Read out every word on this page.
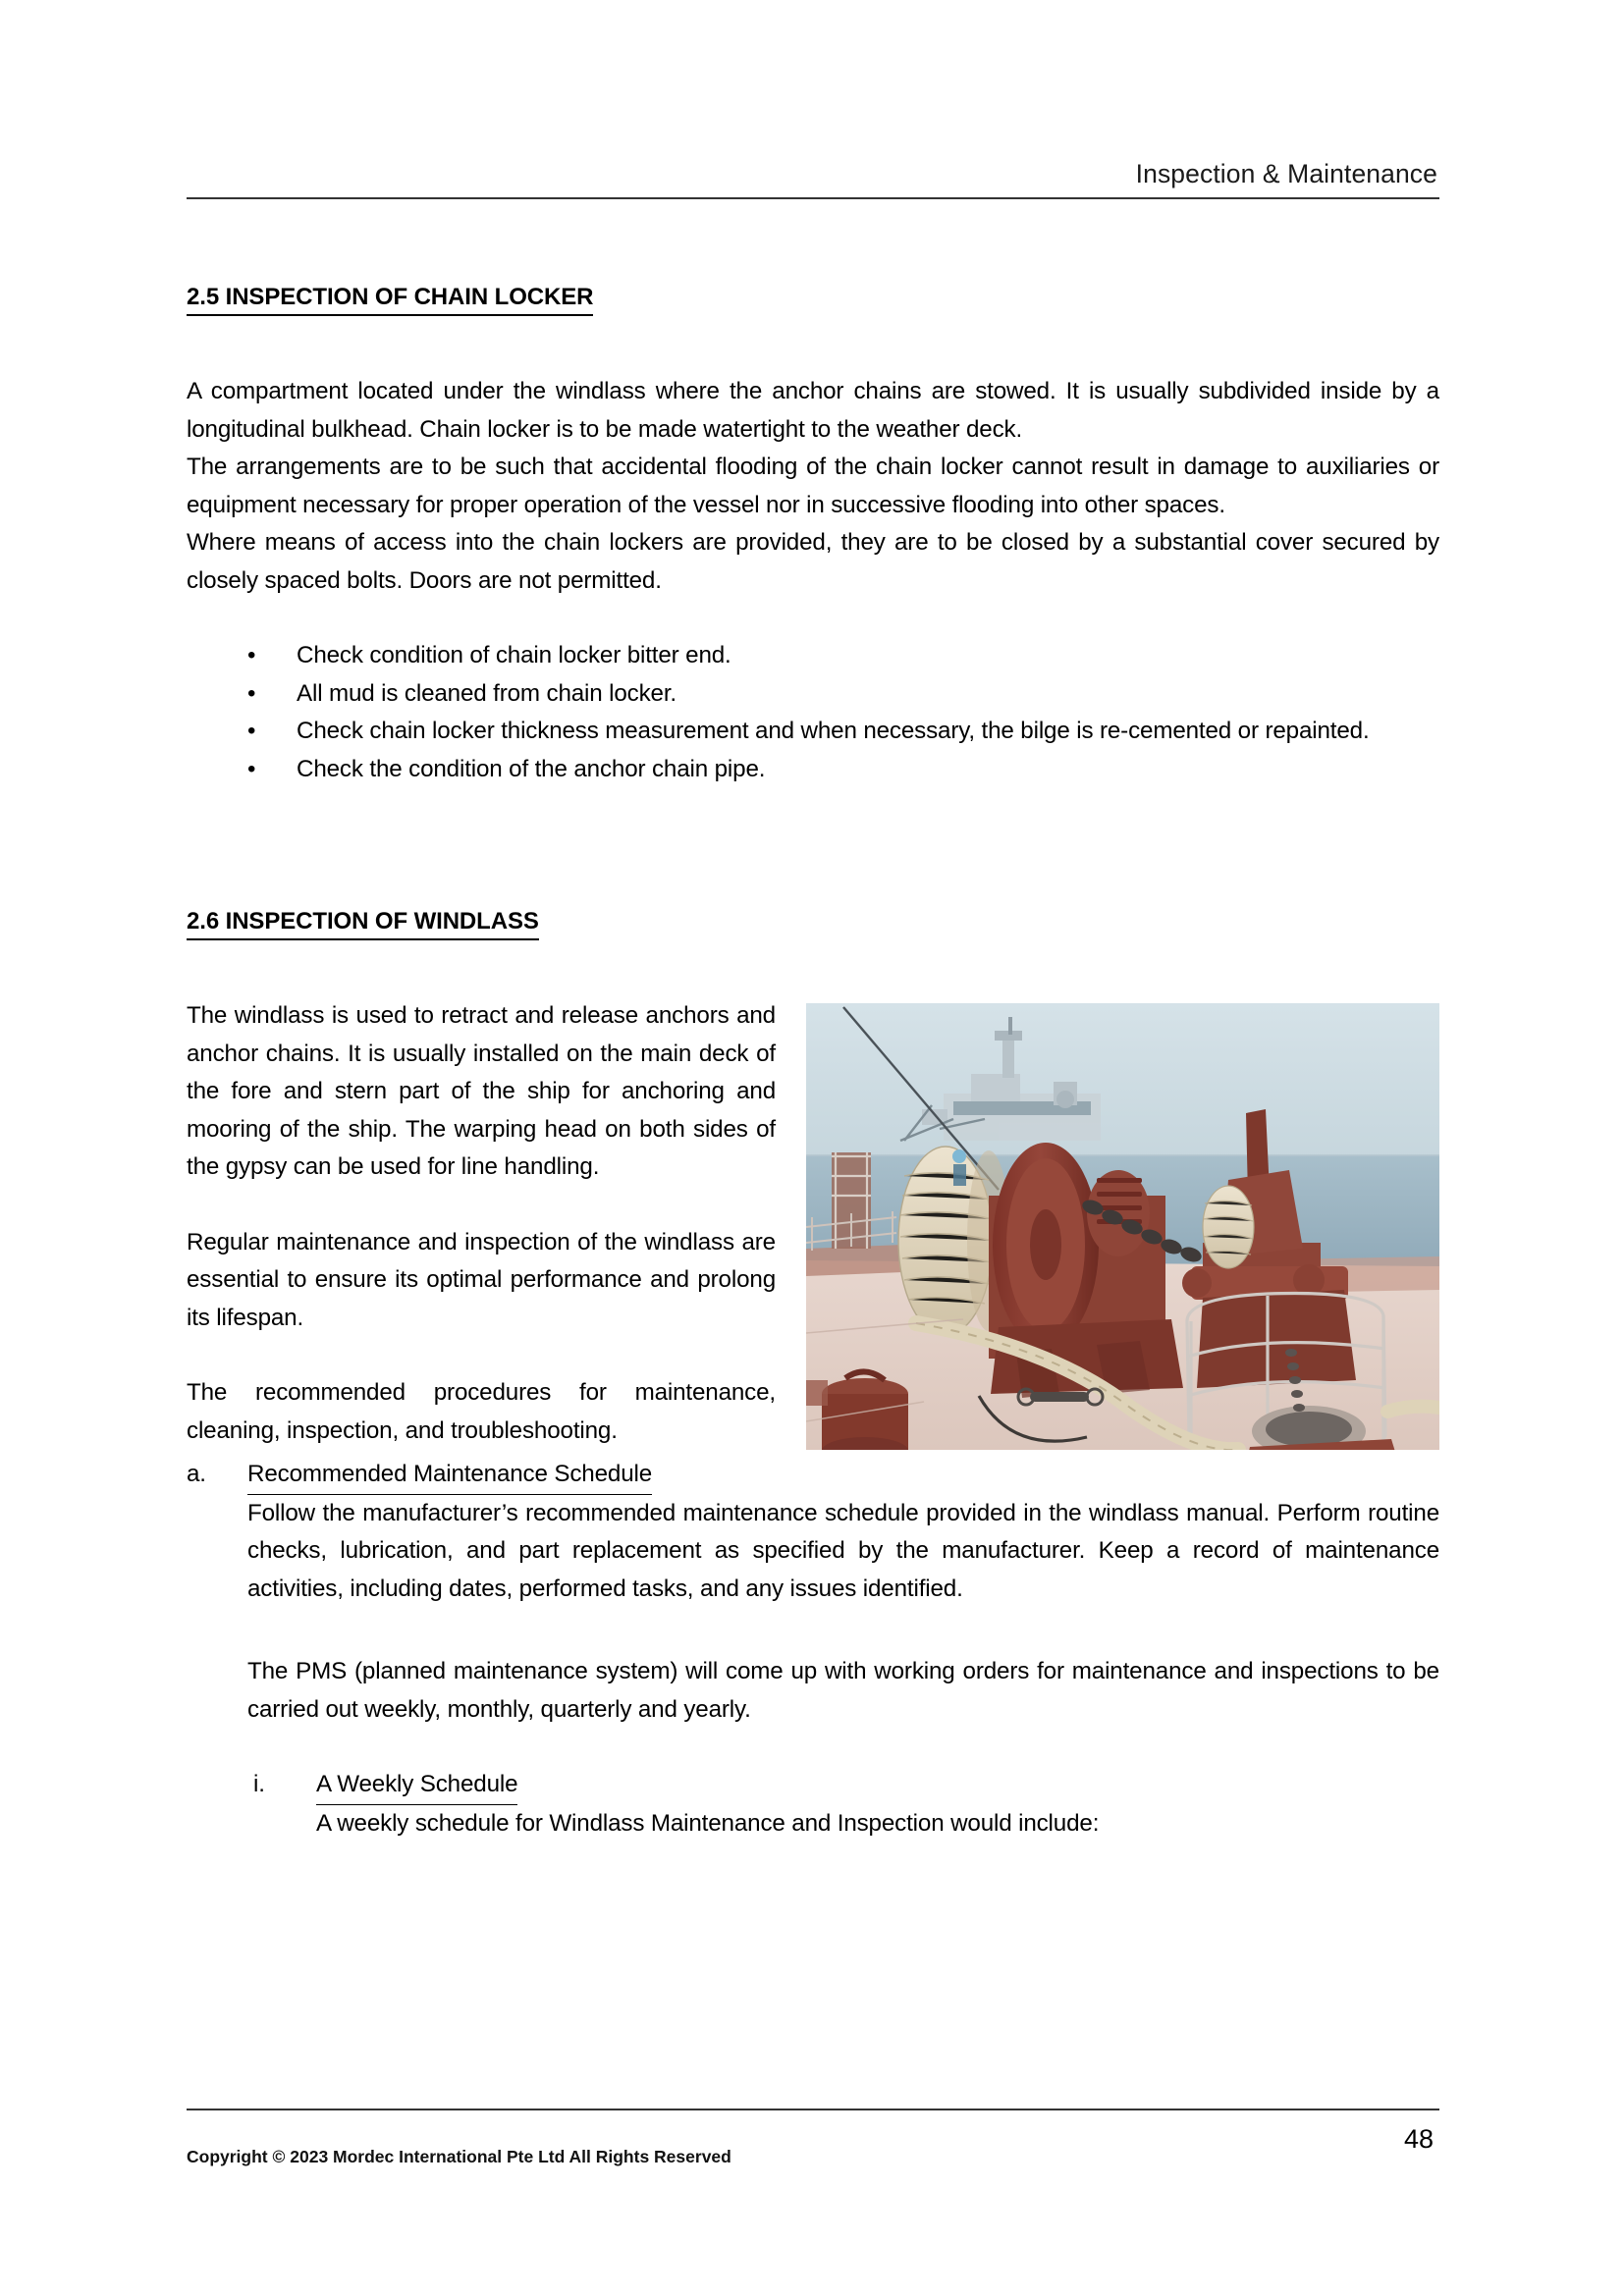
Inspection & Maintenance
2.5 INSPECTION OF CHAIN LOCKER

A compartment located under the windlass where the anchor chains are stowed. It is usually subdivided inside by a longitudinal bulkhead. Chain locker is to be made watertight to the weather deck.

The arrangements are to be such that accidental flooding of the chain locker cannot result in damage to auxiliaries or equipment necessary for proper operation of the vessel nor in successive flooding into other spaces.

Where means of access into the chain lockers are provided, they are to be closed by a substantial cover secured by closely spaced bolts. Doors are not permitted.

• Check condition of chain locker bitter end.
• All mud is cleaned from chain locker.
• Check chain locker thickness measurement and when necessary, the bilge is re-cemented or repainted.
• Check the condition of the anchor chain pipe.
2.6 INSPECTION OF WINDLASS

The windlass is used to retract and release anchors and anchor chains. It is usually installed on the main deck of the fore and stern part of the ship for anchoring and mooring of the ship. The warping head on both sides of the gypsy can be used for line handling.

Regular maintenance and inspection of the windlass are essential to ensure its optimal performance and prolong its lifespan.

The recommended procedures for maintenance, cleaning, inspection, and troubleshooting.

a. Recommended Maintenance Schedule

Follow the manufacturer’s recommended maintenance schedule provided in the windlass manual. Perform routine checks, lubrication, and part replacement as specified by the manufacturer. Keep a record of maintenance activities, including dates, performed tasks, and any issues identified.

The PMS (planned maintenance system) will come up with working orders for maintenance and inspections to be carried out weekly, monthly, quarterly and yearly.

i. A Weekly Schedule
A weekly schedule for Windlass Maintenance and Inspection would include:
Copyright © 2023 Mordec International Pte Ltd All Rights Reserved
48
